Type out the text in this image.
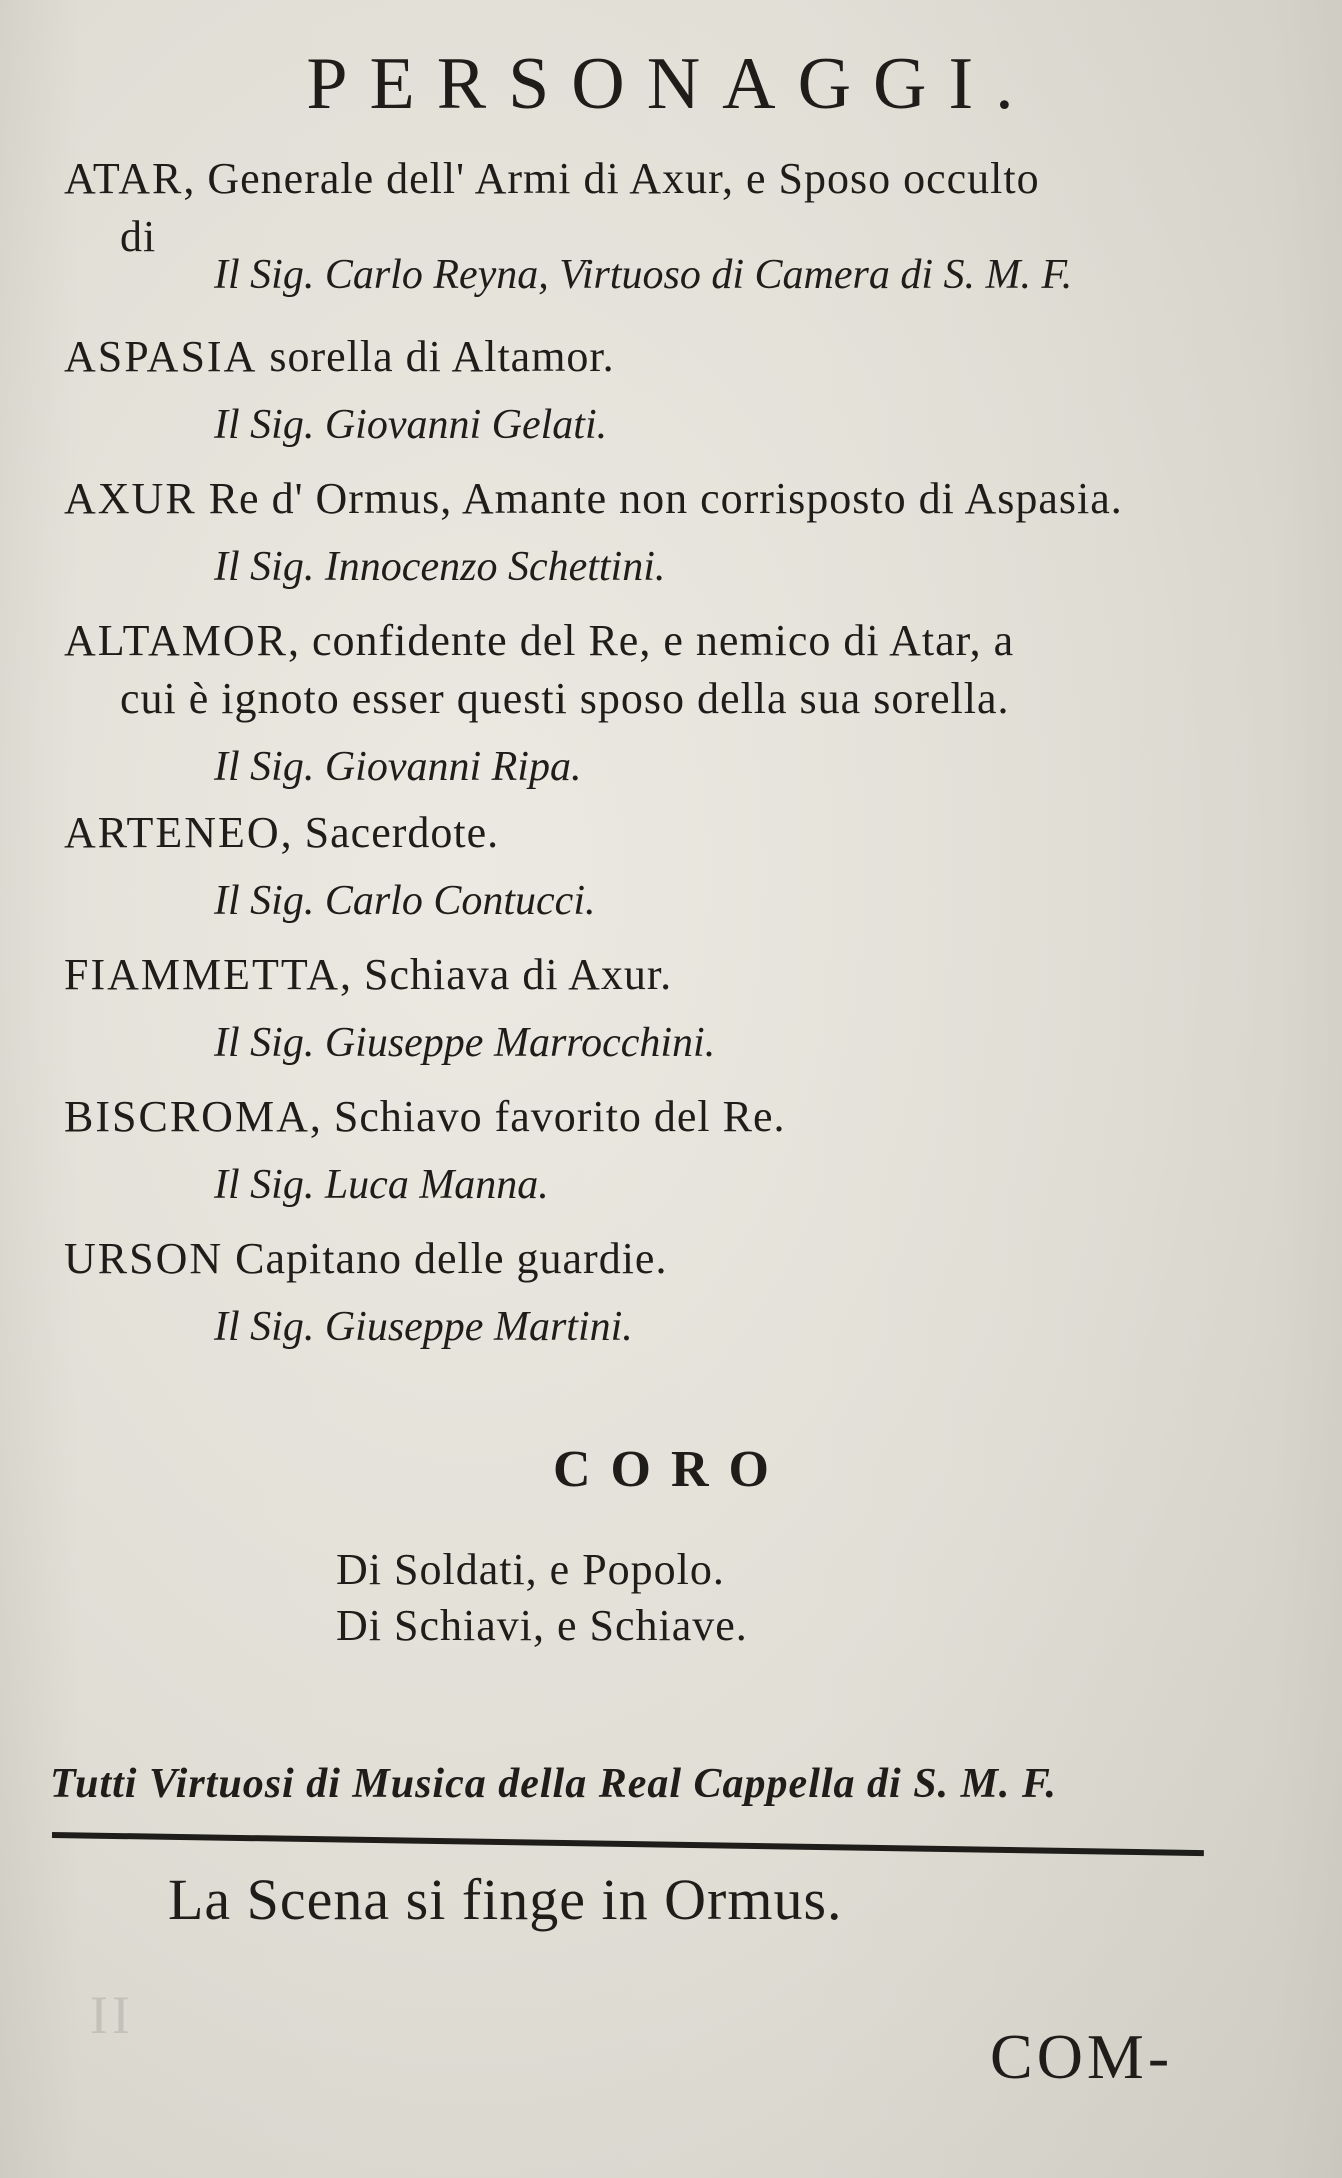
PERSONAGGI.
ATAR, Generale dell' Armi di Axur, e Sposo occulto
di
Il Sig. Carlo Reyna, Virtuoso di Camera di S. M. F.
ASPASIA sorella di Altamor.
Il Sig. Giovanni Gelati.
AXUR Re d' Ormus, Amante non corrisposto di Aspasia.
Il Sig. Innocenzo Schettini.
ALTAMOR, confidente del Re, e nemico di Atar, a
cui è ignoto esser questi sposo della sua sorella.
Il Sig. Giovanni Ripa.
ARTENEO, Sacerdote.
Il Sig. Carlo Contucci.
FIAMMETTA, Schiava di Axur.
Il Sig. Giuseppe Marrocchini.
BISCROMA, Schiavo favorito del Re.
Il Sig. Luca Manna.
URSON Capitano delle guardie.
Il Sig. Giuseppe Martini.
CORO
Di Soldati, e Popolo.
Di Schiavi, e Schiave.
Tutti Virtuosi di Musica della Real Cappella di S. M. F.
La Scena si finge in Ormus.
II
COM-
